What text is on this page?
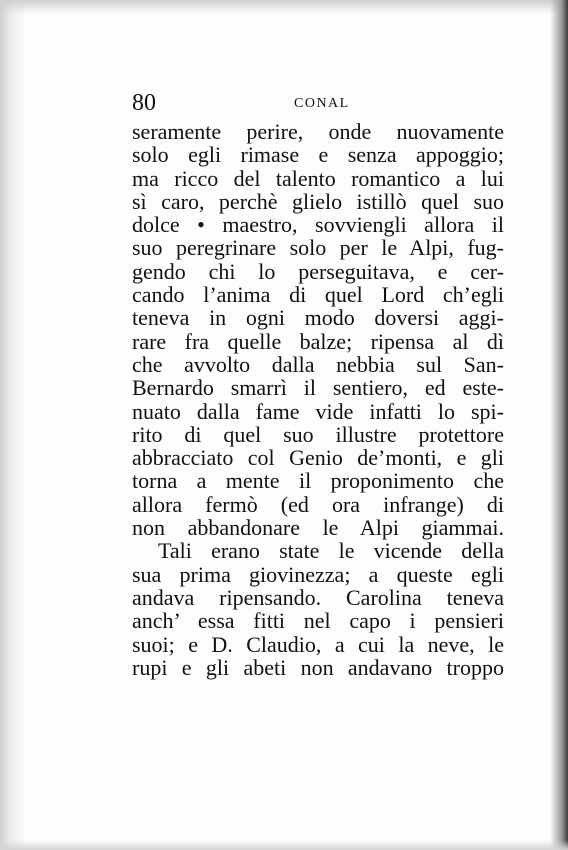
80	CONAL
seramente perire, onde nuovamente
solo egli rimase e senza appoggio;
ma ricco del talento romantico a lui
sì caro, perchè glielo istillò quel suo
dolce • maestro, sovviengli allora il
suo peregrinare solo per le Alpi, fug-
gendo chi lo perseguitava, e cer-
cando l’anima di quel Lord ch’egli
teneva in ogni modo doversi aggi-
rare fra quelle balze; ripensa al dì
che avvolto dalla nebbia sul San-
Bernardo smarrì il sentiero, ed este-
nuato dalla fame vide infatti lo spi-
rito di quel suo illustre protettore
abbracciato col Genio de’monti, e gli
torna a mente il proponimento che
allora fermò (ed ora infrange) di
non abbandonare le Alpi giammai.
Tali erano state le vicende della
sua prima giovinezza; a queste egli
andava ripensando. Carolina teneva
anch’ essa fitti nel capo i pensieri
suoi; e D. Claudio, a cui la neve, le
rupi e gli abeti non andavano troppo
